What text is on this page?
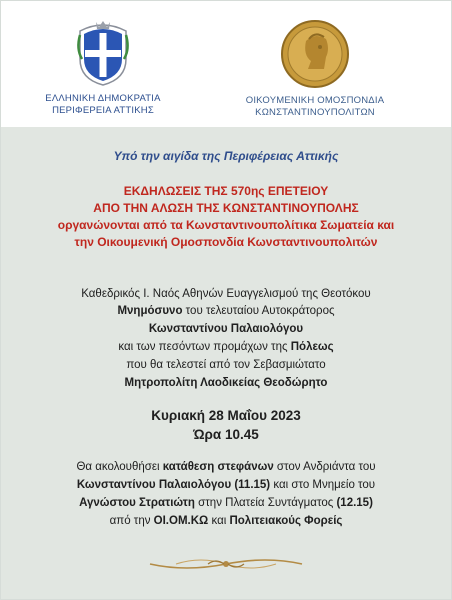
ΕΛΛΗΝΙΚΗ ΔΗΜΟΚΡΑΤΙΑ
ΠΕΡΙΦΕΡΕΙΑ ΑΤΤΙΚΗΣ
ΟΙΚΟΥΜΕΝΙΚΗ ΟΜΟΣΠΟΝΔΙΑ
ΚΩΝΣΤΑΝΤΙΝΟΥΠΟΛΙΤΩΝ
Υπό την αιγίδα της Περιφέρειας Αττικής
ΕΚΔΗΛΩΣΕΙΣ ΤΗΣ 570ης ΕΠΕΤΕΙΟΥ
ΑΠΟ ΤΗΝ ΑΛΩΣΗ ΤΗΣ ΚΩΝΣΤΑΝΤΙΝΟΥΠΟΛΗΣ
οργανώνονται από τα Κωνσταντινουπολίτικα Σωματεία και
την Οικουμενική Ομοσπονδία Κωνσταντινουπολιτών
Καθεδρικός Ι. Ναός Αθηνών Ευαγγελισμού της Θεοτόκου
Μνημόσυνο του τελευταίου Αυτοκράτορος
Κωνσταντίνου Παλαιολόγου
και των πεσόντων προμάχων της Πόλεως
που θα τελεστεί από τον Σεβασμιώτατο
Μητροπολίτη Λαοδικείας Θεοδώρητο
Κυριακή 28 Μαΐου 2023
Ώρα 10.45
Θα ακολουθήσει κατάθεση στεφάνων στον Ανδριάντα του
Κωνσταντίνου Παλαιολόγου (11.15) και στο Μνημείο του
Αγνώστου Στρατιώτη στην Πλατεία Συντάγματος (12.15)
από την ΟΙ.ΟΜ.ΚΩ και Πολιτειακούς Φορείς
